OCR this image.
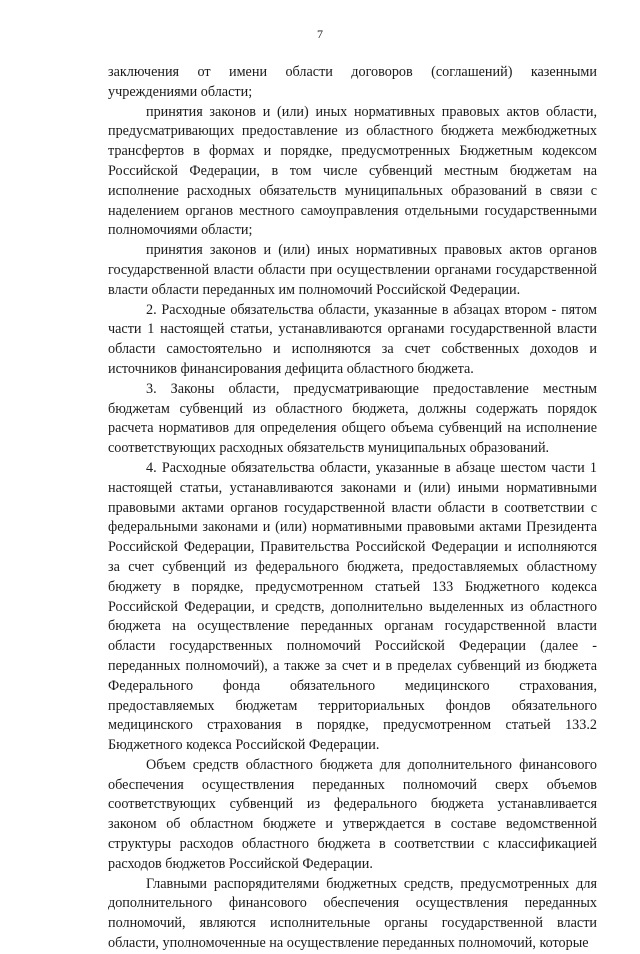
7

заключения от имени области договоров (соглашений) казенными учреждениями области;

принятия законов и (или) иных нормативных правовых актов области, предусматривающих предоставление из областного бюджета межбюджетных трансфертов в формах и порядке, предусмотренных Бюджетным кодексом Российской Федерации, в том числе субвенций местным бюджетам на исполнение расходных обязательств муниципальных образований в связи с наделением органов местного самоуправления отдельными государственными полномочиями области;

принятия законов и (или) иных нормативных правовых актов органов государственной власти области при осуществлении органами государственной власти области переданных им полномочий Российской Федерации.

2. Расходные обязательства области, указанные в абзацах втором - пятом части 1 настоящей статьи, устанавливаются органами государственной власти области самостоятельно и исполняются за счет собственных доходов и источников финансирования дефицита областного бюджета.

3. Законы области, предусматривающие предоставление местным бюджетам субвенций из областного бюджета, должны содержать порядок расчета нормативов для определения общего объема субвенций на исполнение соответствующих расходных обязательств муниципальных образований.

4. Расходные обязательства области, указанные в абзаце шестом части 1 настоящей статьи, устанавливаются законами и (или) иными нормативными правовыми актами органов государственной власти области в соответствии с федеральными законами и (или) нормативными правовыми актами Президента Российской Федерации, Правительства Российской Федерации и исполняются за счет субвенций из федерального бюджета, предоставляемых областному бюджету в порядке, предусмотренном статьей 133 Бюджетного кодекса Российской Федерации, и средств, дополнительно выделенных из областного бюджета на осуществление переданных органам государственной власти области государственных полномочий Российской Федерации (далее - переданных полномочий), а также за счет и в пределах субвенций из бюджета Федерального фонда обязательного медицинского страхования, предоставляемых бюджетам территориальных фондов обязательного медицинского страхования в порядке, предусмотренном статьей 133.2 Бюджетного кодекса Российской Федерации.

Объем средств областного бюджета для дополнительного финансового обеспечения осуществления переданных полномочий сверх объемов соответствующих субвенций из федерального бюджета устанавливается законом об областном бюджете и утверждается в составе ведомственной структуры расходов областного бюджета в соответствии с классификацией расходов бюджетов Российской Федерации.

Главными распорядителями бюджетных средств, предусмотренных для дополнительного финансового обеспечения осуществления переданных полномочий, являются исполнительные органы государственной власти области, уполномоченные на осуществление переданных полномочий, которые
